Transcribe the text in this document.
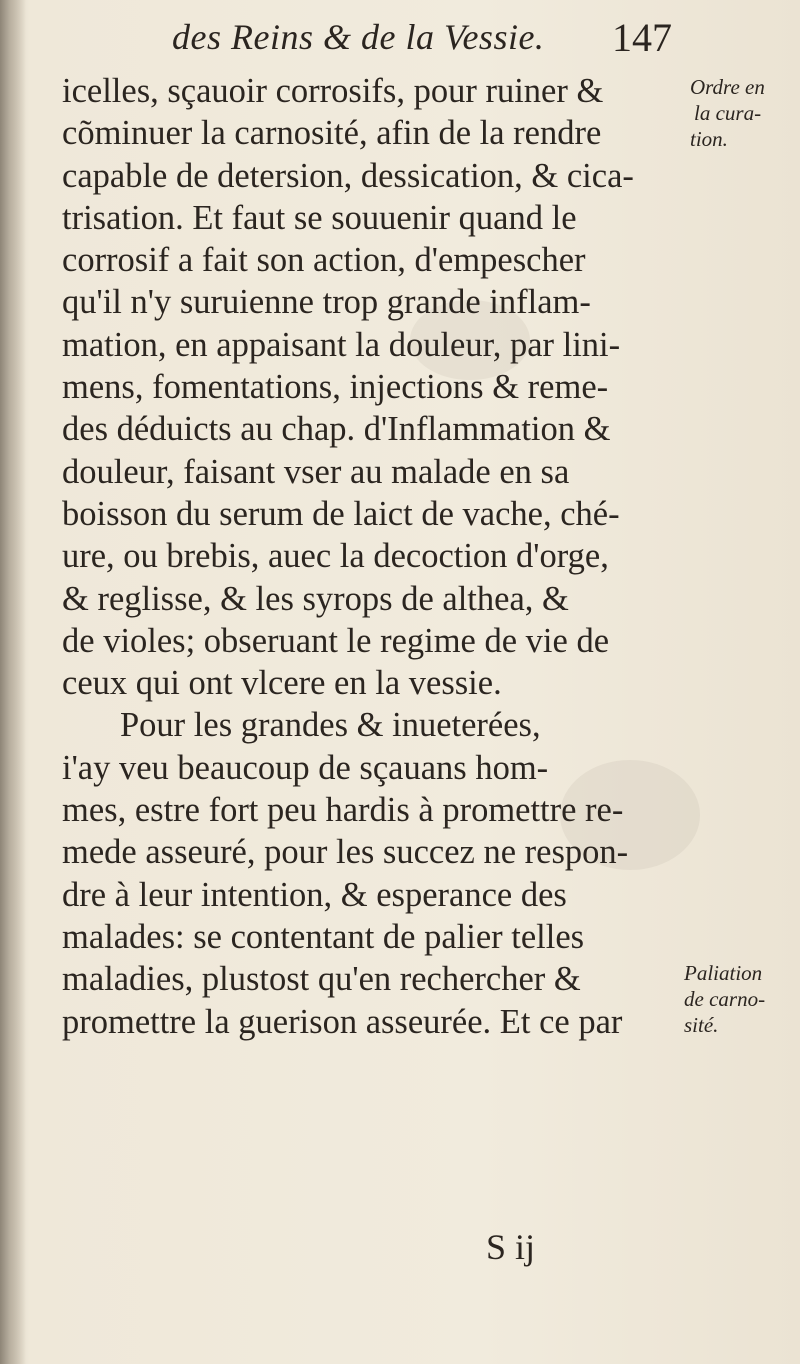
des Reins & de la Vessie. 147
icelles, sçauoir corrosifs, pour ruiner &
cõminuer la carnosité, afin de la rendre
capable de detersion, dessication, & cica-
trisation. Et faut se souuenir quand le
corrosif a fait son action, d'empescher
qu'il n'y suruienne trop grande inflam-
mation, en appaisant la douleur, par lini-
mens, fomentations, injections & reme-
des déduicts au chap. d'Inflammation &
douleur, faisant vser au malade en sa
boisson du serum de laict de vache, ché-
ure, ou brebis, auec la decoction d'orge,
& reglisse, & les syrops de althea, &
de violes; obseruant le regime de vie de
ceux qui ont vlcere en la vessie.
Pour les grandes & inueterées,
i'ay veu beaucoup de sçauans hom-
mes, estre fort peu hardis à promettre re-
mede asseuré, pour les succez ne respon-
dre à leur intention, & esperance des
malades: se contentant de palier telles
maladies, plustost qu'en rechercher &
promettre la guerison asseurée. Et ce par
S ij
Ordre en
la cura-
tion.
Paliation
de carno-
sité.
